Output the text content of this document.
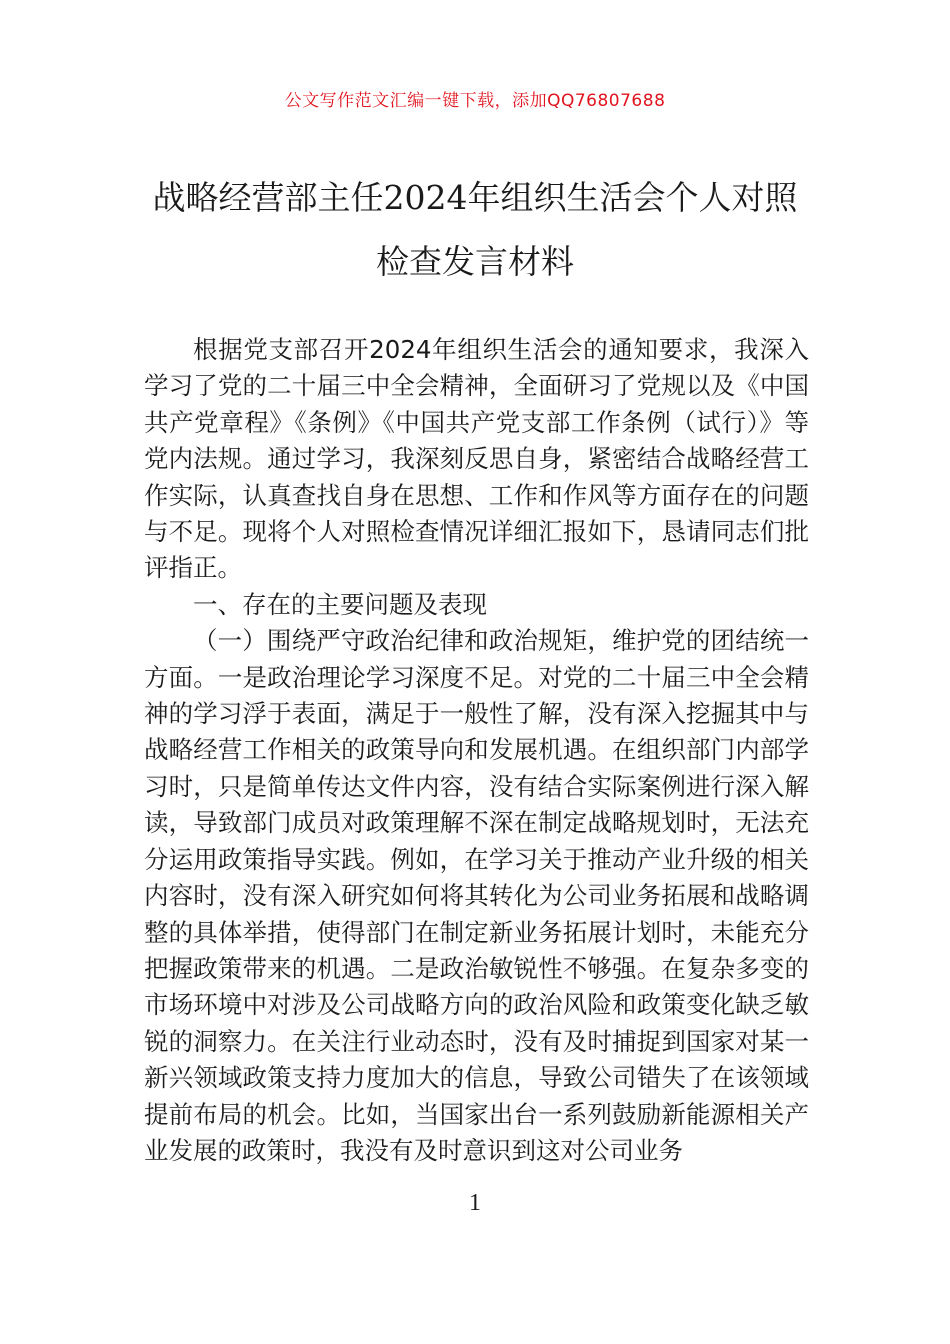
公文写作范文汇编一键下载，添加QQ76807688
战略经营部主任2024年组织生活会个人对照检查发言材料

根据党支部召开2024年组织生活会的通知要求，我深入学习了党的二十届三中全会精神，全面研习了党规以及《中国共产党章程》《条例》《中国共产党支部工作条例（试行）》等党内法规。通过学习，我深刻反思自身，紧密结合战略经营工作实际，认真查找自身在思想、工作和作风等方面存在的问题与不足。现将个人对照检查情况详细汇报如下，恳请同志们批评指正。

一、存在的主要问题及表现

（一）围绕严守政治纪律和政治规矩，维护党的团结统一方面。一是政治理论学习深度不足。对党的二十届三中全会精神的学习浮于表面，满足于一般性了解，没有深入挖掘其中与战略经营工作相关的政策导向和发展机遇。在组织部门内部学习时，只是简单传达文件内容，没有结合实际案例进行深入解读，导致部门成员对政策理解不深在制定战略规划时，无法充分运用政策指导实践。例如，在学习关于推动产业升级的相关内容时，没有深入研究如何将其转化为公司业务拓展和战略调整的具体举措，使得部门在制定新业务拓展计划时，未能充分把握政策带来的机遇。二是政治敏锐性不够强。在复杂多变的市场环境中对涉及公司战略方向的政治风险和政策变化缺乏敏锐的洞察力。在关注行业动态时，没有及时捕捉到国家对某一新兴领域政策支持力度加大的信息，导致公司错失了在该领域提前布局的机会。比如，当国家出台一系列鼓励新能源相关产业发展的政策时，我没有及时意识到这对公司业务

1
